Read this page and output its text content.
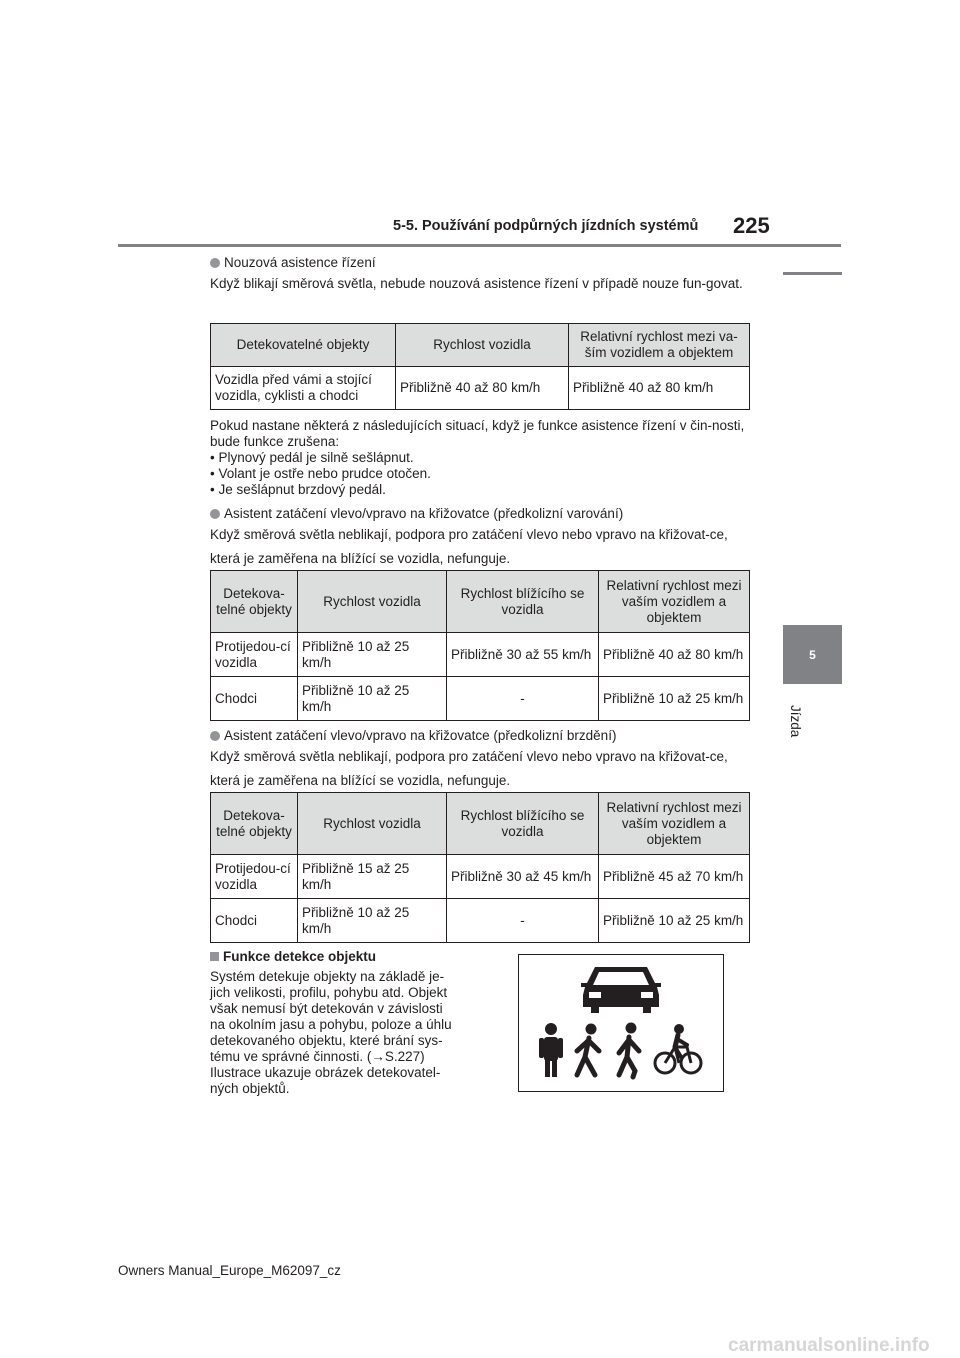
5-5. Používání podpůrných jízdních systémů 225
5
Jízda
Nouzová asistence řízení
Když blikají směrová světla, nebude nouzová asistence řízení v případě nouze fun-govat.
Detekovatelné objekty	Rychlost vozidla	Relativní rychlost mezi va-ším vozidlem a objektem
Vozidla před vámi a stojící vozidla, cyklisti a chodci	Přibližně 40 až 80 km/h	Přibližně 40 až 80 km/h
Pokud nastane některá z následujících situací, když je funkce asistence řízení v čin-nosti, bude funkce zrušena:
• Plynový pedál je silně sešlápnut.
• Volant je ostře nebo prudce otočen.
• Je sešlápnut brzdový pedál.
Asistent zatáčení vlevo/vpravo na křižovatce (předkolizní varování)
Když směrová světla neblikají, podpora pro zatáčení vlevo nebo vpravo na křižovat-ce, která je zaměřena na blížící se vozidla, nefunguje.
Detekova-telné objekty	Rychlost vozidla	Rychlost blížícího se vozidla	Relativní rychlost mezi vaším vozidlem a objektem
Protijedou-cí vozidla	Přibližně 10 až 25 km/h	Přibližně 30 až 55 km/h	Přibližně 40 až 80 km/h
Chodci	Přibližně 10 až 25 km/h	-	Přibližně 10 až 25 km/h
Asistent zatáčení vlevo/vpravo na křižovatce (předkolizní brzdění)
Když směrová světla neblikají, podpora pro zatáčení vlevo nebo vpravo na křižovat-ce, která je zaměřena na blížící se vozidla, nefunguje.
Detekova-telné objekty	Rychlost vozidla	Rychlost blížícího se vozidla	Relativní rychlost mezi vaším vozidlem a objektem
Protijedou-cí vozidla	Přibližně 15 až 25 km/h	Přibližně 30 až 45 km/h	Přibližně 45 až 70 km/h
Chodci	Přibližně 10 až 25 km/h	-	Přibližně 10 až 25 km/h
Funkce detekce objektu
Systém detekuje objekty na základě je-
jich velikosti, profilu, pohybu atd. Objekt
však nemusí být detekován v závislosti
na okolním jasu a pohybu, poloze a úhlu
detekovaného objektu, které brání sys-
tému ve správné činnosti. (→S.227)
Ilustrace ukazuje obrázek detekovatel-
ných objektů.
Owners Manual_Europe_M62097_cz
carmanualsonline.info
